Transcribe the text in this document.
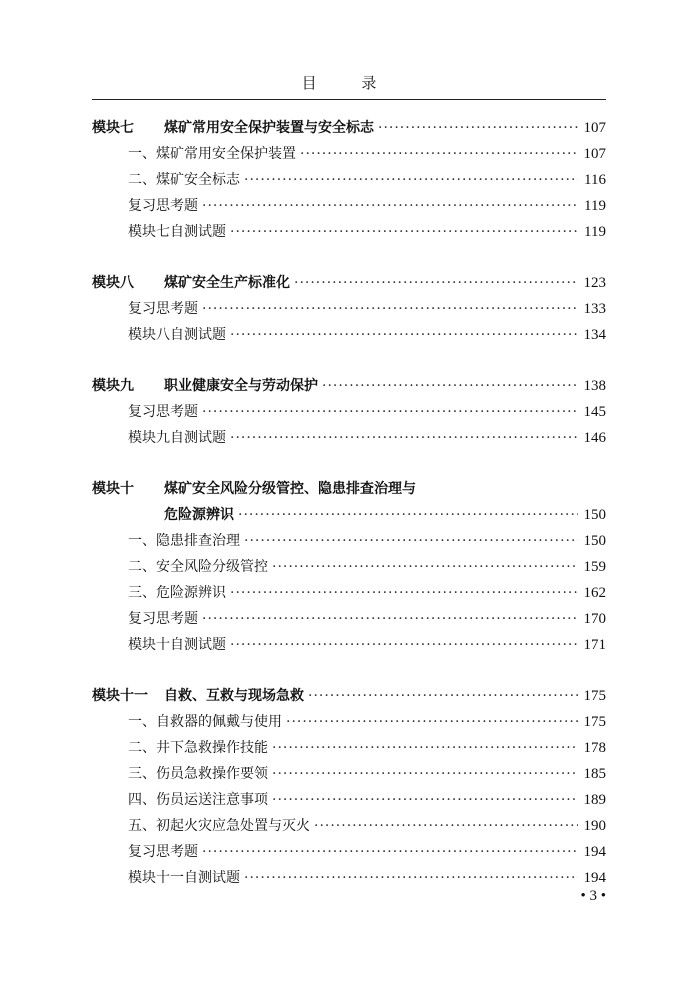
目 录
模块七	煤矿常用安全保护装置与安全标志 ·····	107
一、煤矿常用安全保护装置 ·····	107
二、煤矿安全标志 ·····	116
复习思考题 ·····	119
模块七自测试题 ·····	119
模块八	煤矿安全生产标准化 ·····	123
复习思考题 ·····	133
模块八自测试题 ·····	134
模块九	职业健康安全与劳动保护 ·····	138
复习思考题 ·····	145
模块九自测试题 ·····	146
模块十	煤矿安全风险分级管控、隐患排查治理与
危险源辨识 ·····	150
一、隐患排查治理 ·····	150
二、安全风险分级管控 ·····	159
三、危险源辨识 ·····	162
复习思考题 ·····	170
模块十自测试题 ·····	171
模块十一	自救、互救与现场急救 ·····	175
一、自救器的佩戴与使用 ·····	175
二、井下急救操作技能 ·····	178
三、伤员急救操作要领 ·····	185
四、伤员运送注意事项 ·····	189
五、初起火灾应急处置与灭火 ·····	190
复习思考题 ·····	194
模块十一自测试题 ·····	194
• 3 •
